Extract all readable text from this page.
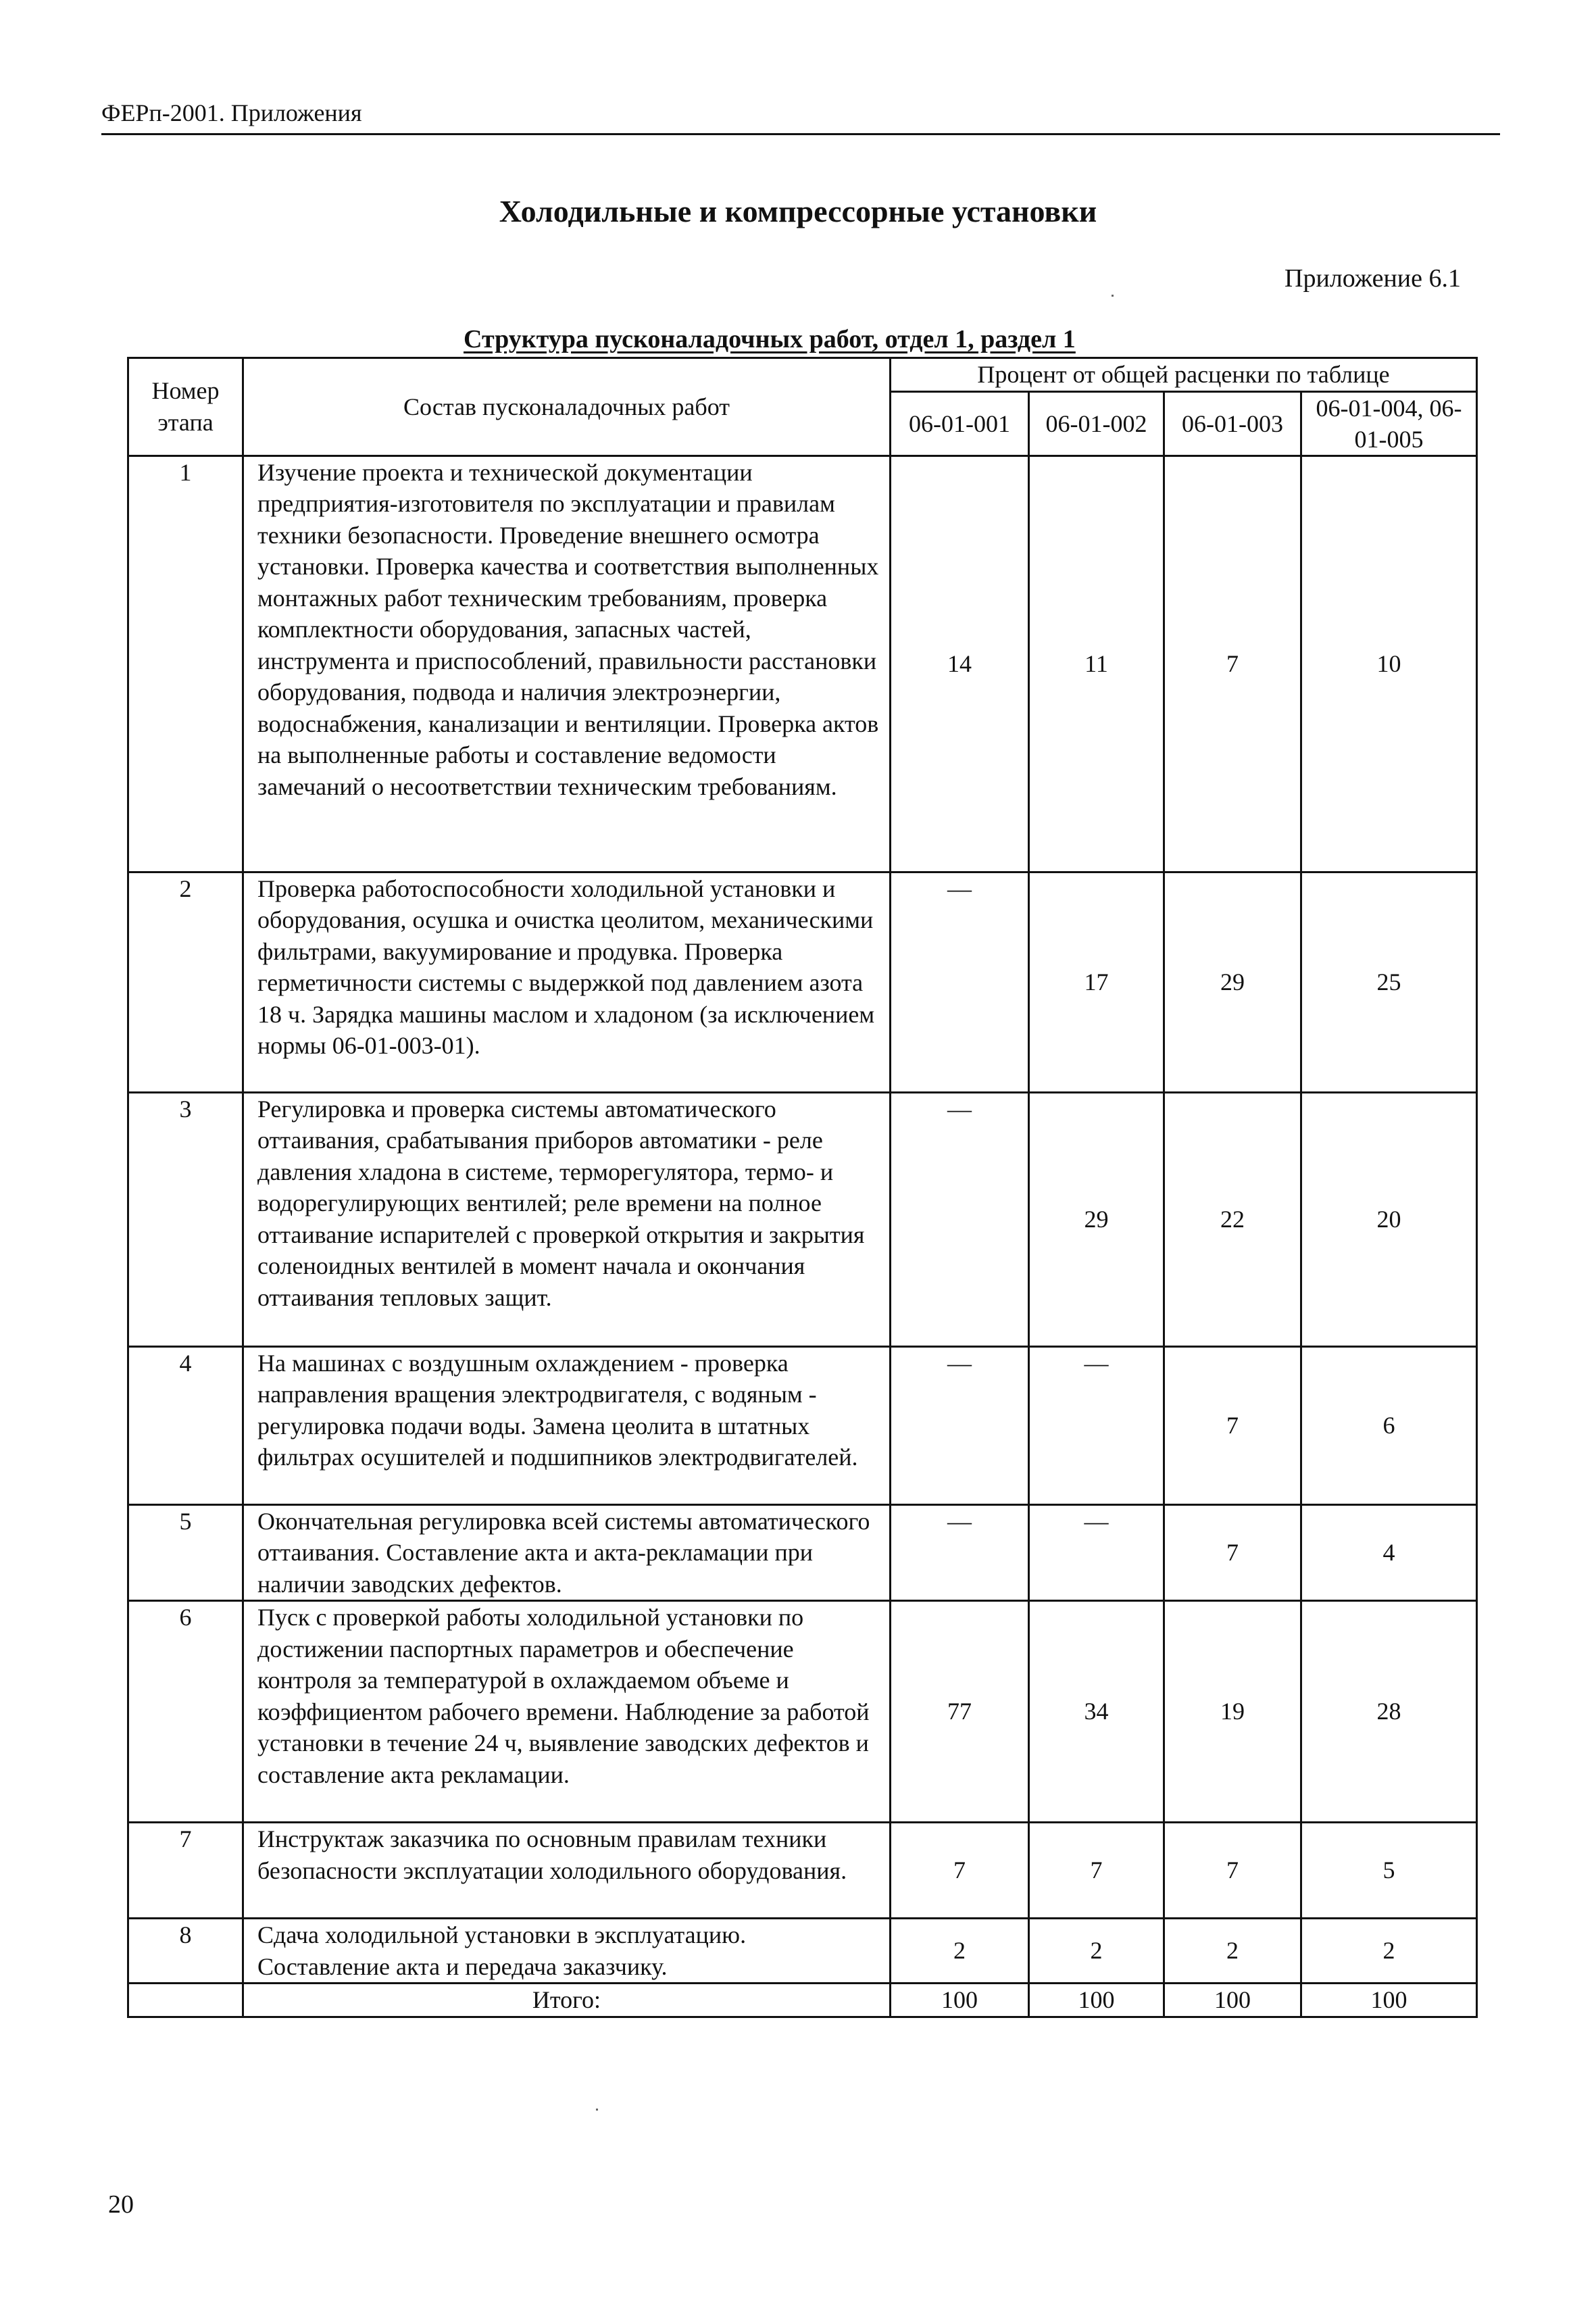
ФЕРп-2001. Приложения
Холодильные и компрессорные установки
Приложение 6.1
Структура пусконаладочных работ, отдел 1, раздел 1
Номер этапа	Состав пусконаладочных работ	Процент от общей расценки по таблице			
		06-01-001	06-01-002	06-01-003	06-01-004, 06-01-005
1	Изучение проекта и технической документации предприятия-изготовителя по эксплуатации и правилам техники безопасности. Проведение внешнего осмотра установки. Проверка качества и соответствия выполненных монтажных работ техническим требованиям, проверка комплектности оборудования, запасных частей, инструмента и приспособлений, правильности расстановки оборудования, подвода и наличия электроэнергии, водоснабжения, канализации и вентиляции. Проверка актов на выполненные работы и составление ведомости замечаний о несоответствии техническим требованиям.	14	11	7	10
2	Проверка работоспособности холодильной установки и оборудования, осушка и очистка цеолитом, механическими фильтрами, вакуумирование и продувка. Проверка герметичности системы с выдержкой под давлением азота 18 ч. Зарядка машины маслом и хладоном (за исключением нормы 06-01-003-01).	—	17	29	25
3	Регулировка и проверка системы автоматического оттаивания, срабатывания приборов автоматики - реле давления хладона в системе, терморегулятора, термо- и водорегулирующих вентилей; реле времени на полное оттаивание испарителей с проверкой открытия и закрытия соленоидных вентилей в момент начала и окончания оттаивания тепловых защит.	—	29	22	20
4	На машинах с воздушным охлаждением - проверка направления вращения электродвигателя, с водяным - регулировка подачи воды. Замена цеолита в штатных фильтрах осушителей и подшипников электродвигателей.	—	—	7	6
5	Окончательная регулировка всей системы автоматического оттаивания. Составление акта и акта-рекламации при наличии заводских дефектов.	—	—	7	4
6	Пуск с проверкой работы холодильной установки по достижении паспортных параметров и обеспечение контроля за температурой в охлаждаемом объеме и коэффициентом рабочего времени. Наблюдение за работой установки в течение 24 ч, выявление заводских дефектов и составление акта рекламации.	77	34	19	28
7	Инструктаж заказчика по основным правилам техники безопасности эксплуатации холодильного оборудования.	7	7	7	5
8	Сдача холодильной установки в эксплуатацию. Составление акта и передача заказчику.	2	2	2	2
	Итого:	100	100	100	100
20
